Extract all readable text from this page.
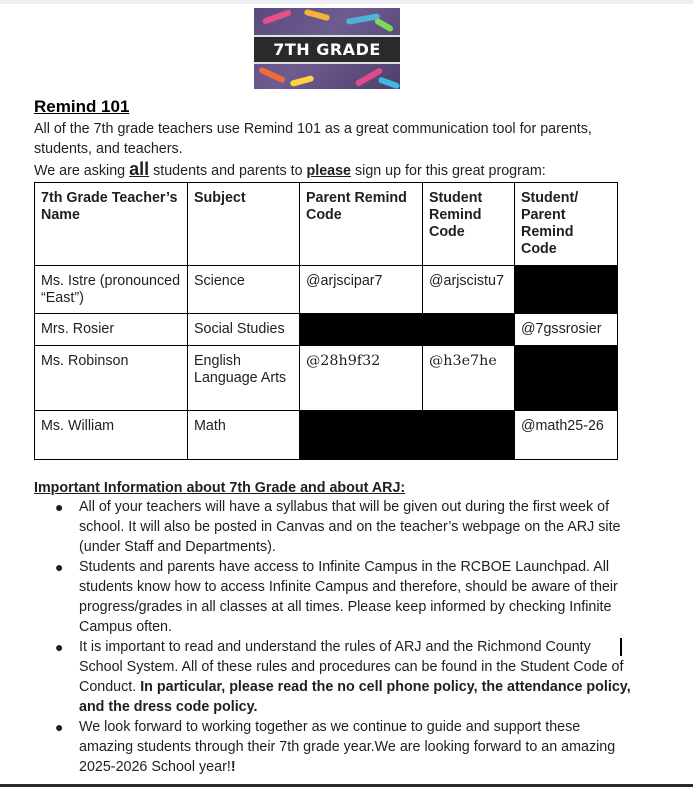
7TH GRADE
Remind 101
All of the 7th grade teachers use Remind 101 as a great communication tool for parents, students, and teachers.
We are asking all students and parents to please sign up for this great program:
7th Grade Teacher’s Name	Subject	Parent Remind Code	Student Remind Code	Student/ Parent Remind Code
Ms. Istre (pronounced “East”)	Science	@arjscipar7	@arjscistu7	
Mrs. Rosier	Social Studies			@7gssrosier
Ms. Robinson	English Language Arts	@28h9f32	@h3e7he	
Ms. William	Math			@math25-26
Important Information about 7th Grade and about ARJ:
● All of your teachers will have a syllabus that will be given out during the first week of school. It will also be posted in Canvas and on the teacher’s webpage on the ARJ site (under Staff and Departments).
● Students and parents have access to Infinite Campus in the RCBOE Launchpad. All students know how to access Infinite Campus and therefore, should be aware of their progress/grades in all classes at all times. Please keep informed by checking Infinite Campus often.
● It is important to read and understand the rules of ARJ and the Richmond County School System. All of these rules and procedures can be found in the Student Code of Conduct. In particular, please read the no cell phone policy, the attendance policy, and the dress code policy.
● We look forward to working together as we continue to guide and support these amazing students through their 7th grade year.We are looking forward to an amazing 2025-2026 School year!!
